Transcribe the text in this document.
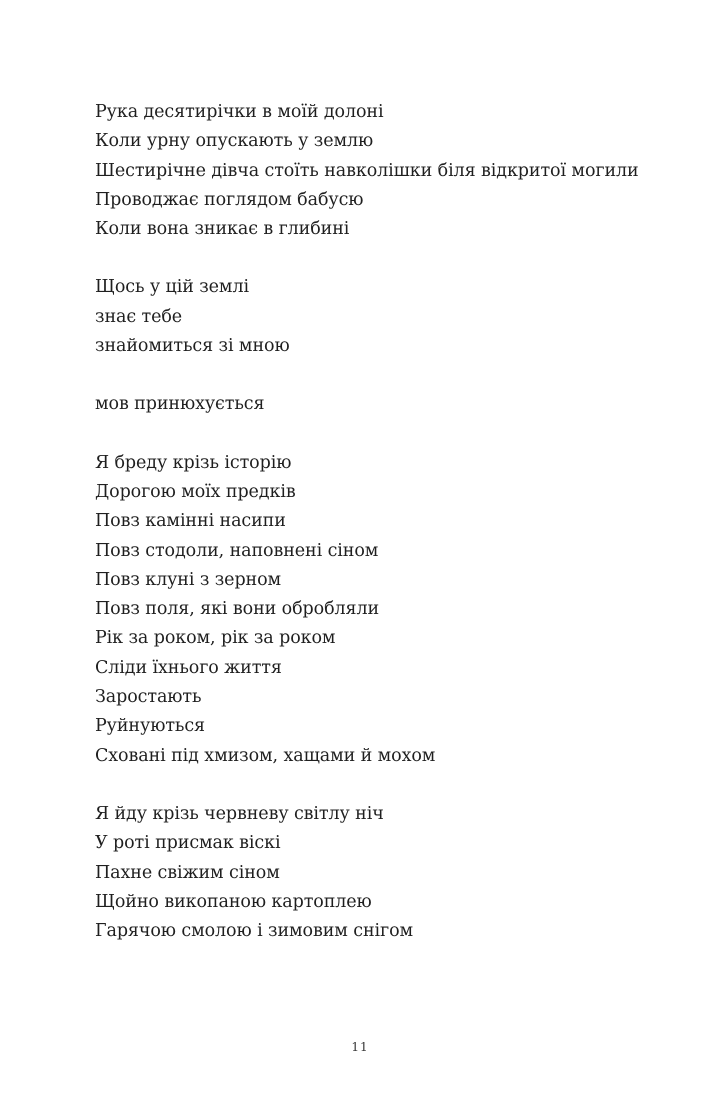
Рука десятирічки в моїй долоні
Коли урну опускають у землю
Шестирічне дівча стоїть навколішки біля відкритої могили
Проводжає поглядом бабусю
Коли вона зникає в глибині
Щось у цій землі
знає тебе
знайомиться зі мною
мов принюхується
Я бреду крізь історію
Дорогою моїх предків
Повз камінні насипи
Повз стодоли, наповнені сіном
Повз клуні з зерном
Повз поля, які вони обробляли
Рік за роком, рік за роком
Сліди їхнього життя
Заростають
Руйнуються
Сховані під хмизом, хащами й мохом
Я йду крізь червневу світлу ніч
У роті присмак віскі
Пахне свіжим сіном
Щойно викопаною картоплею
Гарячою смолою і зимовим снігом
11
